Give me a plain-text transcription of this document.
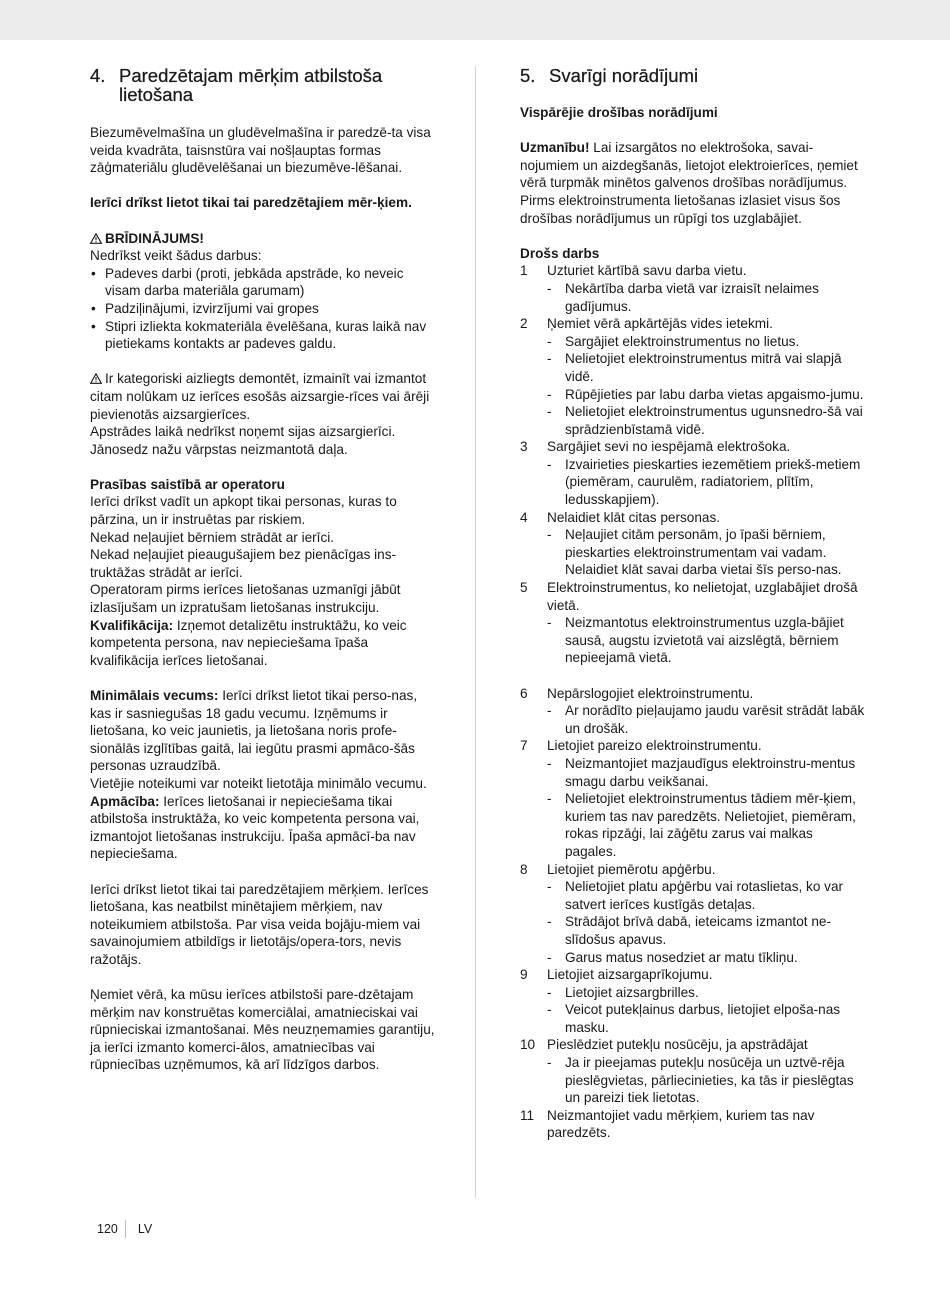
4. Paredzētajam mērķim atbilstoša lietošana

Biezumēvelmašīna un gludēvelmašīna ir paredzē-ta visa veida kvadrāta, taisnstūra vai nošļauptas formas zāģmateriālu gludēvelēšanai un biezumēve-lēšanai.

Ierīci drīkst lietot tikai tai paredzētajiem mēr-ķiem.

BRĪDINĀJUMS!

Nedrīkst veikt šādus darbus:

• Padeves darbi (proti, jebkāda apstrāde, ko neveic visam darba materiāla garumam)
• Padziļinājumi, izvirzījumi vai gropes
• Stipri izliekta kokmateriāla ēvelēšana, kuras laikā nav pietiekams kontakts ar padeves galdu.

Ir kategoriski aizliegts demontēt, izmainīt vai izmantot citam nolūkam uz ierīces esošās aizsargie-rīces vai ārēji pievienotās aizsargierīces.

Apstrādes laikā nedrīkst noņemt sijas aizsargierīci.

Jānosedz nažu vārpstas neizmantotā daļa.

Prasības saistībā ar operatoru

Ierīci drīkst vadīt un apkopt tikai personas, kuras to pārzina, un ir instruētas par riskiem.

Nekad neļaujiet bērniem strādāt ar ierīci.

Nekad neļaujiet pieaugušajiem bez pienācīgas ins-truktāžas strādāt ar ierīci.

Operatoram pirms ierīces lietošanas uzmanīgi jābūt izlasījušam un izpratušam lietošanas instrukciju.

Kvalifikācija: Izņemot detalizētu instruktāžu, ko veic kompetenta persona, nav nepieciešama īpaša kvalifikācija ierīces lietošanai.

Minimālais vecums: Ierīci drīkst lietot tikai perso-nas, kas ir sasniegušas 18 gadu vecumu. Izņēmums ir lietošana, ko veic jaunietis, ja lietošana noris profe-sionālās izglītības gaitā, lai iegūtu prasmi apmāco-šās personas uzraudzībā.

Vietējie noteikumi var noteikt lietotāja minimālo vecumu.

Apmācība: Ierīces lietošanai ir nepieciešama tikai atbilstoša instruktāža, ko veic kompetenta persona vai, izmantojot lietošanas instrukciju. Īpaša apmācī-ba nav nepieciešama.

Ierīci drīkst lietot tikai tai paredzētajiem mērķiem. Ierīces lietošana, kas neatbilst minētajiem mērķiem, nav noteikumiem atbilstoša. Par visa veida bojāju-miem vai savainojumiem atbildīgs ir lietotājs/opera-tors, nevis ražotājs.

Ņemiet vērā, ka mūsu ierīces atbilstoši pare-dzētajam mērķim nav konstruētas komerciālai, amatnieciskai vai rūpnieciskai izmantošanai. Mēs neuzņemamies garantiju, ja ierīci izmanto komerci-ālos, amatniecības vai rūpniecības uzņēmumos, kā arī līdzīgos darbos.

5. Svarīgi norādījumi

Vispārējie drošības norādījumi

Uzmanību! Lai izsargātos no elektrošoka, savai-nojumiem un aizdegšanās, lietojot elektroierīces, ņemiet vērā turpmāk minētos galvenos drošības norādījumus. Pirms elektroinstrumenta lietošanas izlasiet visus šos drošības norādījumus un rūpīgi tos uzglabājiet.

Drošs darbs

1	Uzturiet kārtībā savu darba vietu.
- Nekārtība darba vietā var izraisīt nelaimes gadījumus.
2	Ņemiet vērā apkārtējās vides ietekmi.
- Sargājiet elektroinstrumentus no lietus.
- Nelietojiet elektroinstrumentus mitrā vai slapjā vidē.
- Rūpējieties par labu darba vietas apgaismo-jumu.
- Nelietojiet elektroinstrumentus ugunsnedro-šā vai sprādzienbīstamā vidē.
3	Sargājiet sevi no iespējamā elektrošoka.
- Izvairieties pieskarties iezemētiem priekš-metiem (piemēram, caurulēm, radiatoriem, plītīm, ledusskapjiem).
4	Nelaidiet klāt citas personas.
- Neļaujiet citām personām, jo īpaši bērniem, pieskarties elektroinstrumentam vai vadam. Nelaidiet klāt savai darba vietai šīs perso-nas.
5	Elektroinstrumentus, ko nelietojat, uzglabājiet drošā vietā.
- Neizmantotus elektroinstrumentus uzgla-bājiet sausā, augstu izvietotā vai aizslēgtā, bērniem nepieejamā vietā.
6	Nepārslogojiet elektroinstrumentu.
- Ar norādīto pieļaujamo jaudu varēsit strādāt labāk un drošāk.
7	Lietojiet pareizo elektroinstrumentu.
- Neizmantojiet mazjaudīgus elektroinstru-mentus smagu darbu veikšanai.
- Nelietojiet elektroinstrumentus tādiem mēr-ķiem, kuriem tas nav paredzēts. Nelietojiet, piemēram, rokas ripzāģi, lai zāģētu zarus vai malkas pagales.
8	Lietojiet piemērotu apģērbu.
- Nelietojiet platu apģērbu vai rotaslietas, ko var satvert ierīces kustīgās detaļas.
- Strādājot brīvā dabā, ieteicams izmantot ne-slīdošus apavus.
- Garus matus nosedziet ar matu tīkliņu.
9	Lietojiet aizsargaprīkojumu.
- Lietojiet aizsargbrilles.
- Veicot putekļainus darbus, lietojiet elpoša-nas masku.
10 Pieslēdziet putekļu nosūcēju, ja apstrādājat
- Ja ir pieejamas putekļu nosūcēja un uztvē-rēja pieslēgvietas, pārliecinieties, ka tās ir pieslēgtas un pareizi tiek lietotas.
11 Neizmantojiet vadu mērķiem, kuriem tas nav paredzēts.
120 LV
